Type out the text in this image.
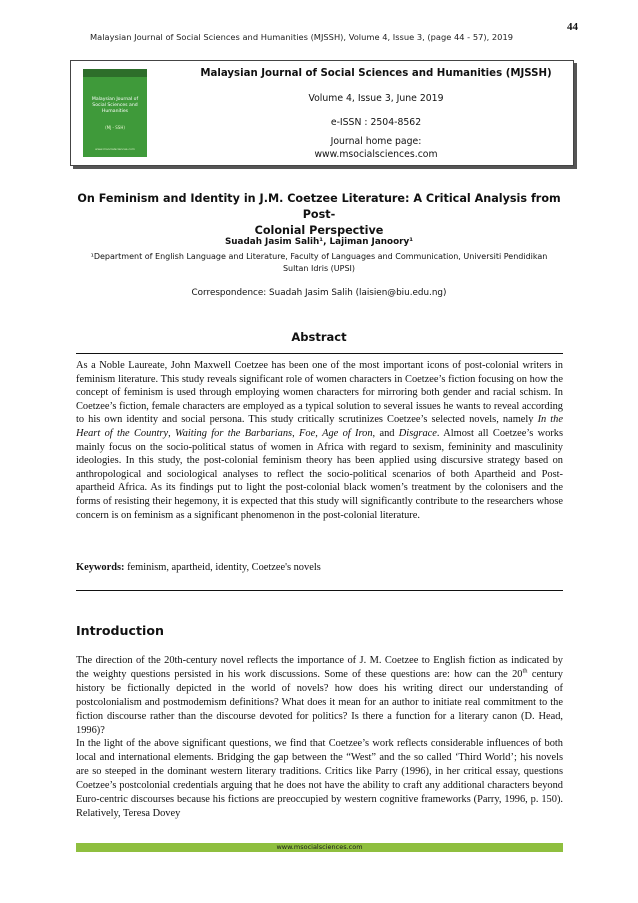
Malaysian Journal of Social Sciences and Humanities (MJSSH), Volume 4, Issue 3, (page 44 - 57), 2019
44
Malaysian Journal of Social Sciences and Humanities
(MJ - SSH)
www.msocialsciences.com
Malaysian Journal of Social Sciences and Humanities (MJSSH)
Volume 4, Issue 3, June 2019
e-ISSN : 2504-8562
Journal home page:
www.msocialsciences.com
On Feminism and Identity in J.M. Coetzee Literature: A Critical Analysis from Post-
Colonial Perspective
Suadah Jasim Salih¹, Lajiman Janoory¹
¹Department of English Language and Literature, Faculty of Languages and Communication, Universiti Pendidikan
Sultan Idris (UPSI)
Correspondence: Suadah Jasim Salih (laisien@biu.edu.ng)
Abstract
As a Noble Laureate, John Maxwell Coetzee has been one of the most important icons of post-colonial writers in feminism literature. This study reveals significant role of women characters in Coetzee’s fiction focusing on how the concept of feminism is used through employing women characters for mirroring both gender and racial schism. In Coetzee’s fiction, female characters are employed as a typical solution to several issues he wants to reveal according to his own identity and social persona. This study critically scrutinizes Coetzee’s selected novels, namely In the Heart of the Country, Waiting for the Barbarians, Foe, Age of Iron, and Disgrace. Almost all Coetzee’s works mainly focus on the socio-political status of women in Africa with regard to sexism, femininity and masculinity ideologies. In this study, the post-colonial feminism theory has been applied using discursive strategy based on anthropological and sociological analyses to reflect the socio-political scenarios of both Apartheid and Post-apartheid Africa. As its findings put to light the post-colonial black women’s treatment by the colonisers and the forms of resisting their hegemony, it is expected that this study will significantly contribute to the researchers whose concern is on feminism as a significant phenomenon in the post-colonial literature.
Keywords: feminism, apartheid, identity, Coetzee's novels
Introduction
The direction of the 20th-century novel reflects the importance of J. M. Coetzee to English fiction as indicated by the weighty questions persisted in his work discussions. Some of these questions are: how can the 20th century history be fictionally depicted in the world of novels? how does his writing direct our understanding of postcolonialism and postmodemism definitions? What does it mean for an author to initiate real commitment to the fiction discourse rather than the discourse devoted for politics? Is there a function for a literary canon (D. Head, 1996)?
In the light of the above significant questions, we find that Coetzee’s work reflects considerable influences of both local and international elements. Bridging the gap between the “West” and the so called ‘Third World’; his novels are so steeped in the dominant western literary traditions. Critics like Parry (1996), in her critical essay, questions Coetzee’s postcolonial credentials arguing that he does not have the ability to craft any additional characters beyond Euro-centric discourses because his fictions are preoccupied by western cognitive frameworks (Parry, 1996, p. 150). Relatively, Teresa Dovey
www.msocialsciences.com
